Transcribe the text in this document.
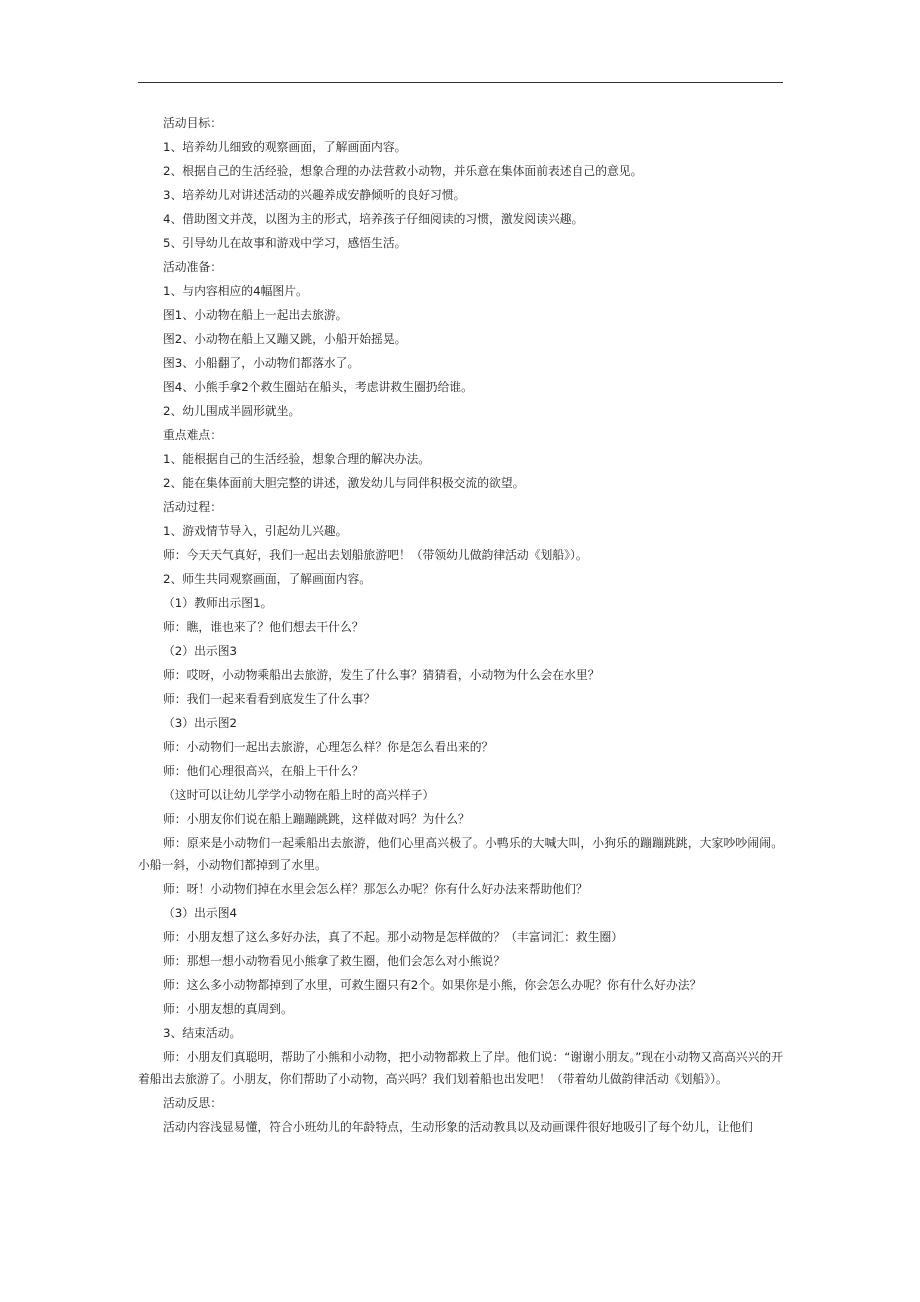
活动目标：

1、培养幼儿细致的观察画面，了解画面内容。

2、根据自己的生活经验，想象合理的办法营救小动物，并乐意在集体面前表述自己的意见。

3、培养幼儿对讲述活动的兴趣养成安静倾听的良好习惯。

4、借助图文并茂，以图为主的形式，培养孩子仔细阅读的习惯，激发阅读兴趣。

5、引导幼儿在故事和游戏中学习，感悟生活。

活动准备：

1、与内容相应的4幅图片。

图1、小动物在船上一起出去旅游。

图2、小动物在船上又蹦又跳，小船开始摇晃。

图3、小船翻了，小动物们都落水了。

图4、小熊手拿2个救生圈站在船头，考虑讲救生圈扔给谁。

2、幼儿围成半圆形就坐。

重点难点：

1、能根据自己的生活经验，想象合理的解决办法。

2、能在集体面前大胆完整的讲述，激发幼儿与同伴积极交流的欲望。

活动过程：

1、游戏情节导入，引起幼儿兴趣。

师：今天天气真好，我们一起出去划船旅游吧！（带领幼儿做韵律活动《划船》）。

2、师生共同观察画面，了解画面内容。

（1）教师出示图1。

师：瞧，谁也来了？他们想去干什么？

（2）出示图3

师：哎呀，小动物乘船出去旅游，发生了什么事？猜猜看，小动物为什么会在水里？

师：我们一起来看看到底发生了什么事？

（3）出示图2

师：小动物们一起出去旅游，心理怎么样？你是怎么看出来的？

师：他们心理很高兴，在船上干什么？

（这时可以让幼儿学学小动物在船上时的高兴样子）

师：小朋友你们说在船上蹦蹦跳跳，这样做对吗？为什么？

师：原来是小动物们一起乘船出去旅游，他们心里高兴极了。小鸭乐的大喊大叫，小狗乐的蹦蹦跳跳，大家吵吵闹闹。小船一斜，小动物们都掉到了水里。

师：呀！小动物们掉在水里会怎么样？那怎么办呢？你有什么好办法来帮助他们？

（3）出示图4

师：小朋友想了这么多好办法，真了不起。那小动物是怎样做的？（丰富词汇：救生圈）

师：那想一想小动物看见小熊拿了救生圈，他们会怎么对小熊说？

师：这么多小动物都掉到了水里，可救生圈只有2个。如果你是小熊，你会怎么办呢？你有什么好办法？

师：小朋友想的真周到。

3、结束活动。

师：小朋友们真聪明，帮助了小熊和小动物，把小动物都救上了岸。他们说：“谢谢小朋友。”现在小动物又高高兴兴的开着船出去旅游了。小朋友，你们帮助了小动物，高兴吗？我们划着船也出发吧！（带着幼儿做韵律活动《划船》）。

活动反思：

活动内容浅显易懂，符合小班幼儿的年龄特点，生动形象的活动教具以及动画课件很好地吸引了每个幼儿，让他们
